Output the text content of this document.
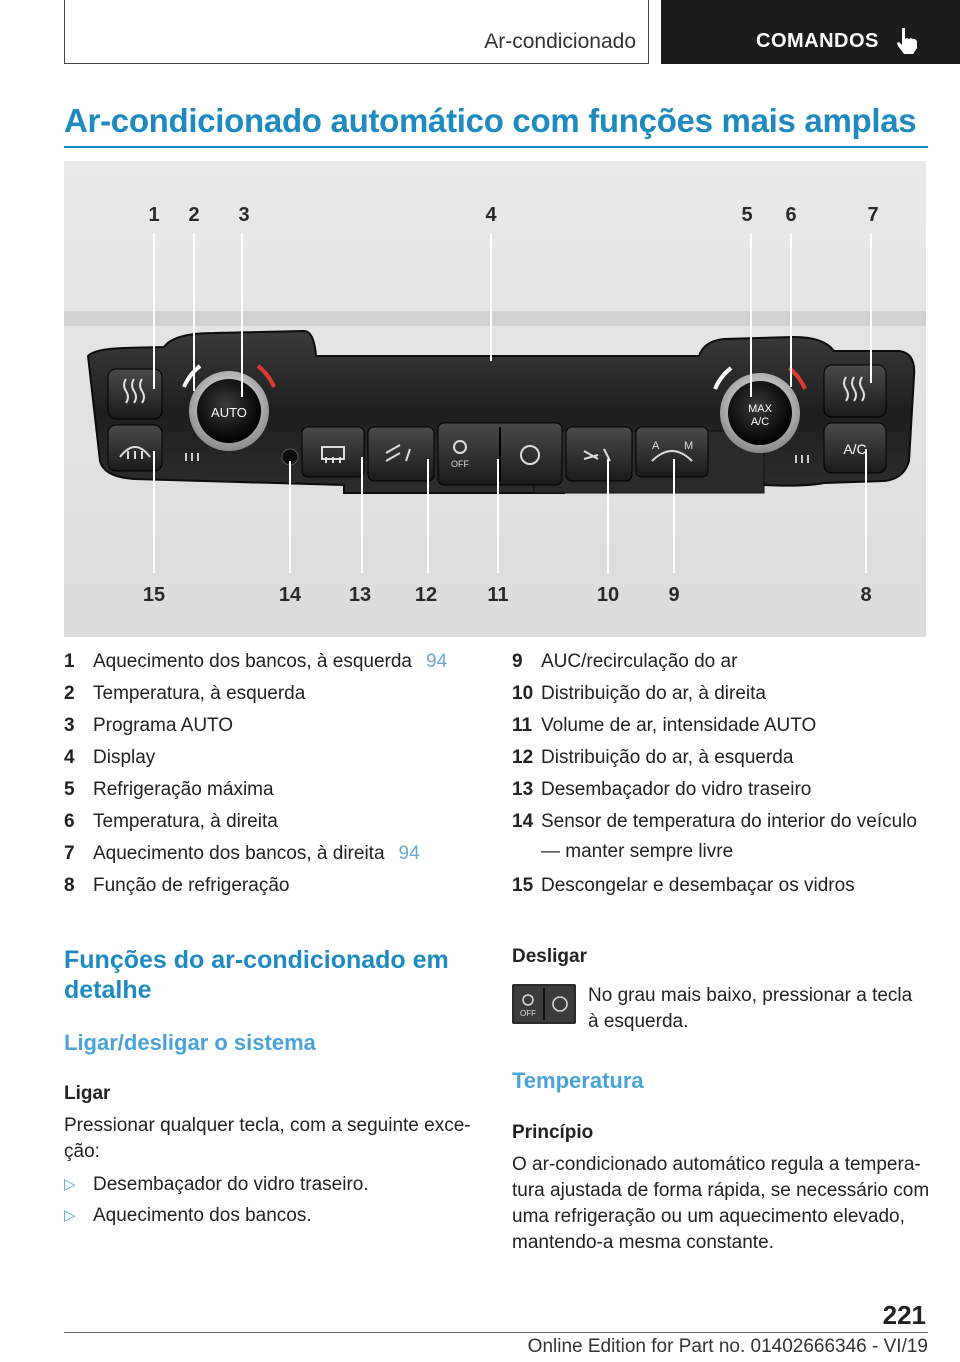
Ar-condicionado	COMANDOS
Ar-condicionado automático com funções mais amplas
AUTO
OFF
A M
MAX
A/C
A/C
1 2 3	4	5 6	7
8
9
10
11
12
13
14
15
1 Aquecimento dos bancos, à esquerda 94
2 Temperatura, à esquerda
3 Programa AUTO
4 Display
5 Refrigeração máxima
6 Temperatura, à direita
7 Aquecimento dos bancos, à direita 94
8 Função de refrigeração
9 AUC/recirculação do ar
10 Distribuição do ar, à direita
11 Volume de ar, intensidade AUTO
12 Distribuição do ar, à esquerda
13 Desembaçador do vidro traseiro
14 Sensor de temperatura do interior do veículo — manter sempre livre
15 Descongelar e desembaçar os vidros
Funções do ar-condicionado em detalhe
Ligar/desligar o sistema
Ligar
Pressionar qualquer tecla, com a seguinte exceção:
▷ Desembaçador do vidro traseiro.
▷ Aquecimento dos bancos.
Desligar
OFF
No grau mais baixo, pressionar a tecla à esquerda.
Temperatura
Princípio
O ar-condicionado automático regula a temperatura ajustada de forma rápida, se necessário com uma refrigeração ou um aquecimento elevado, mantendo-a mesma constante.
221
Online Edition for Part no. 01402666346 - VI/19
